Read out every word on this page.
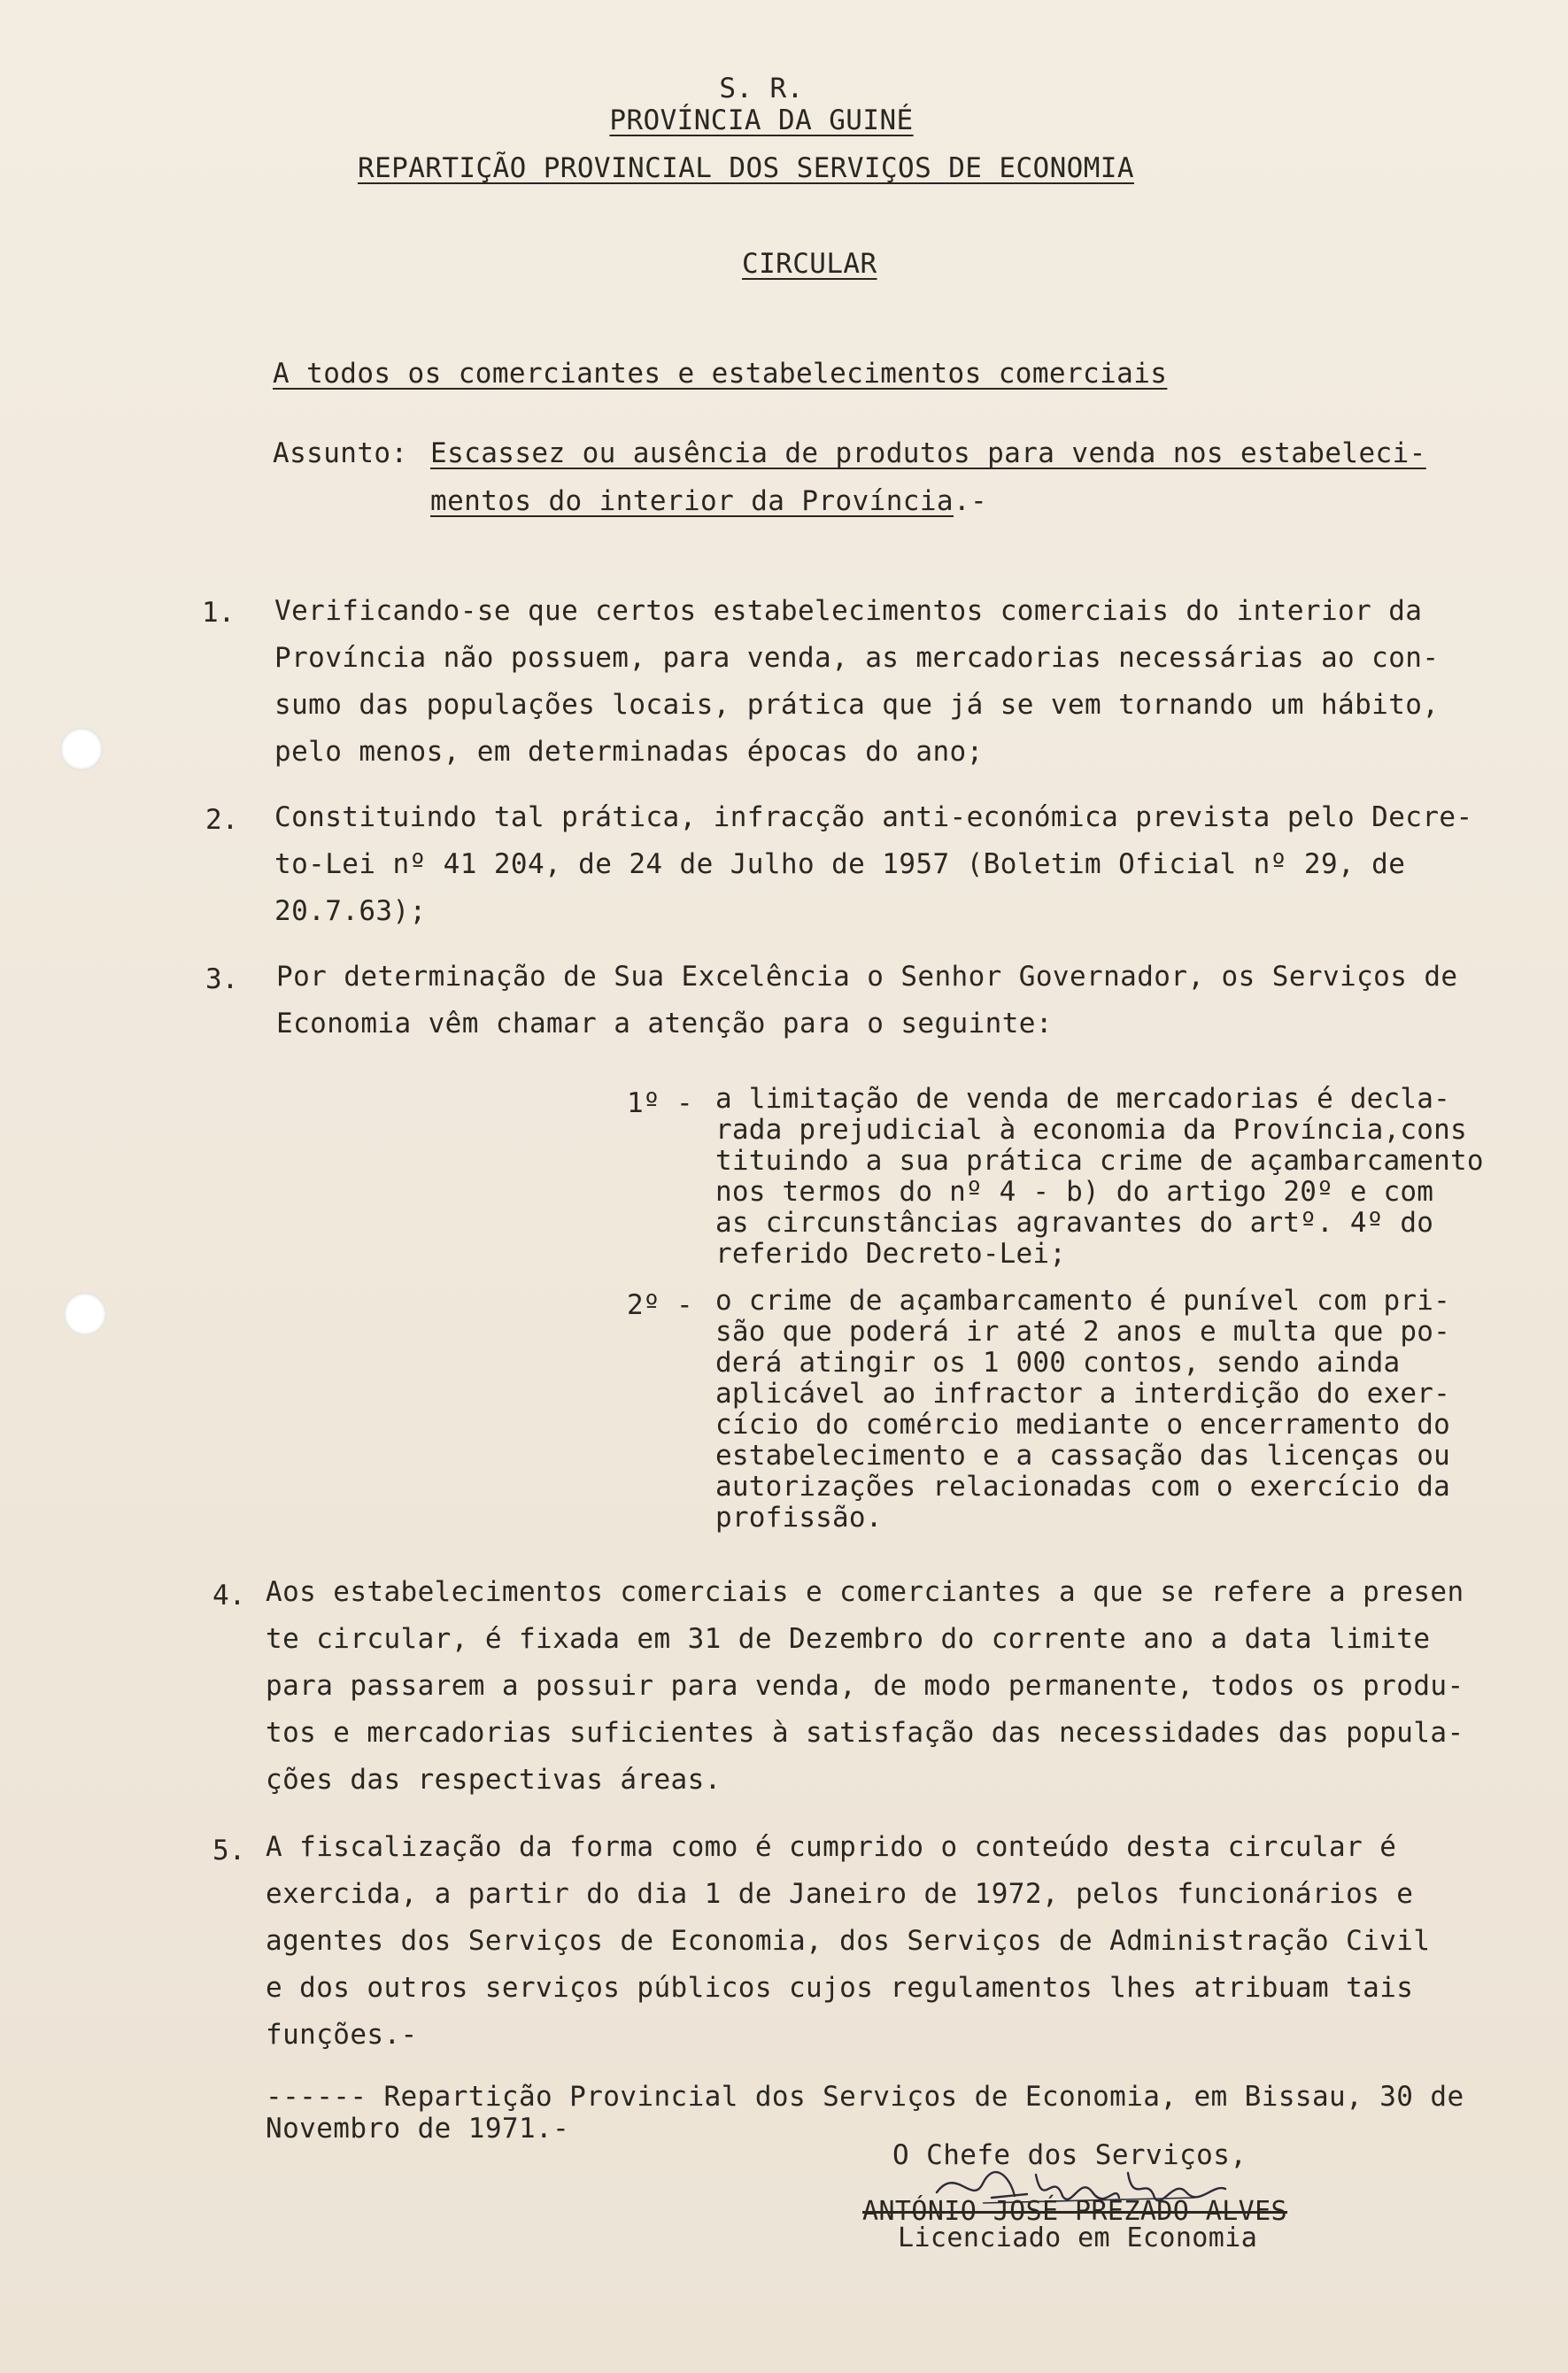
S. R.
PROVÍNCIA DA GUINÉ
REPARTIÇÃO PROVINCIAL DOS SERVIÇOS DE ECONOMIA
CIRCULAR
A todos os comerciantes e estabelecimentos comerciais
Assunto: Escassez ou ausência de produtos para venda nos estabeleci-
mentos do interior da Província.-
1. Verificando-se que certos estabelecimentos comerciais do interior da
Província não possuem, para venda, as mercadorias necessárias ao con-
sumo das populações locais, prática que já se vem tornando um hábito,
pelo menos, em determinadas épocas do ano;
2. Constituindo tal prática, infracção anti-económica prevista pelo Decre-
to-Lei nº 41 204, de 24 de Julho de 1957 (Boletim Oficial nº 29, de
20.7.63);
3. Por determinação de Sua Excelência o Senhor Governador, os Serviços de
Economia vêm chamar a atenção para o seguinte:
1º - a limitação de venda de mercadorias é decla-
rada prejudicial à economia da Província,cons
tituindo a sua prática crime de açambarcamento
nos termos do nº 4 - b) do artigo 20º e com
as circunstâncias agravantes do artº. 4º do
referido Decreto-Lei;
2º - o crime de açambarcamento é punível com pri-
são que poderá ir até 2 anos e multa que po-
derá atingir os 1 000 contos, sendo ainda
aplicável ao infractor a interdição do exer-
cício do comércio mediante o encerramento do
estabelecimento e a cassação das licenças ou
autorizações relacionadas com o exercício da
profissão.
4. Aos estabelecimentos comerciais e comerciantes a que se refere a presen
te circular, é fixada em 31 de Dezembro do corrente ano a data limite
para passarem a possuir para venda, de modo permanente, todos os produ-
tos e mercadorias suficientes à satisfação das necessidades das popula-
ções das respectivas áreas.
5. A fiscalização da forma como é cumprido o conteúdo desta circular é
exercida, a partir do dia 1 de Janeiro de 1972, pelos funcionários e
agentes dos Serviços de Economia, dos Serviços de Administração Civil
e dos outros serviços públicos cujos regulamentos lhes atribuam tais
funções.-
------ Repartição Provincial dos Serviços de Economia, em Bissau, 30 de
Novembro de 1971.-
O Chefe dos Serviços,
ANTÓNIO JOSÉ PREZADO ALVES
Licenciado em Economia
